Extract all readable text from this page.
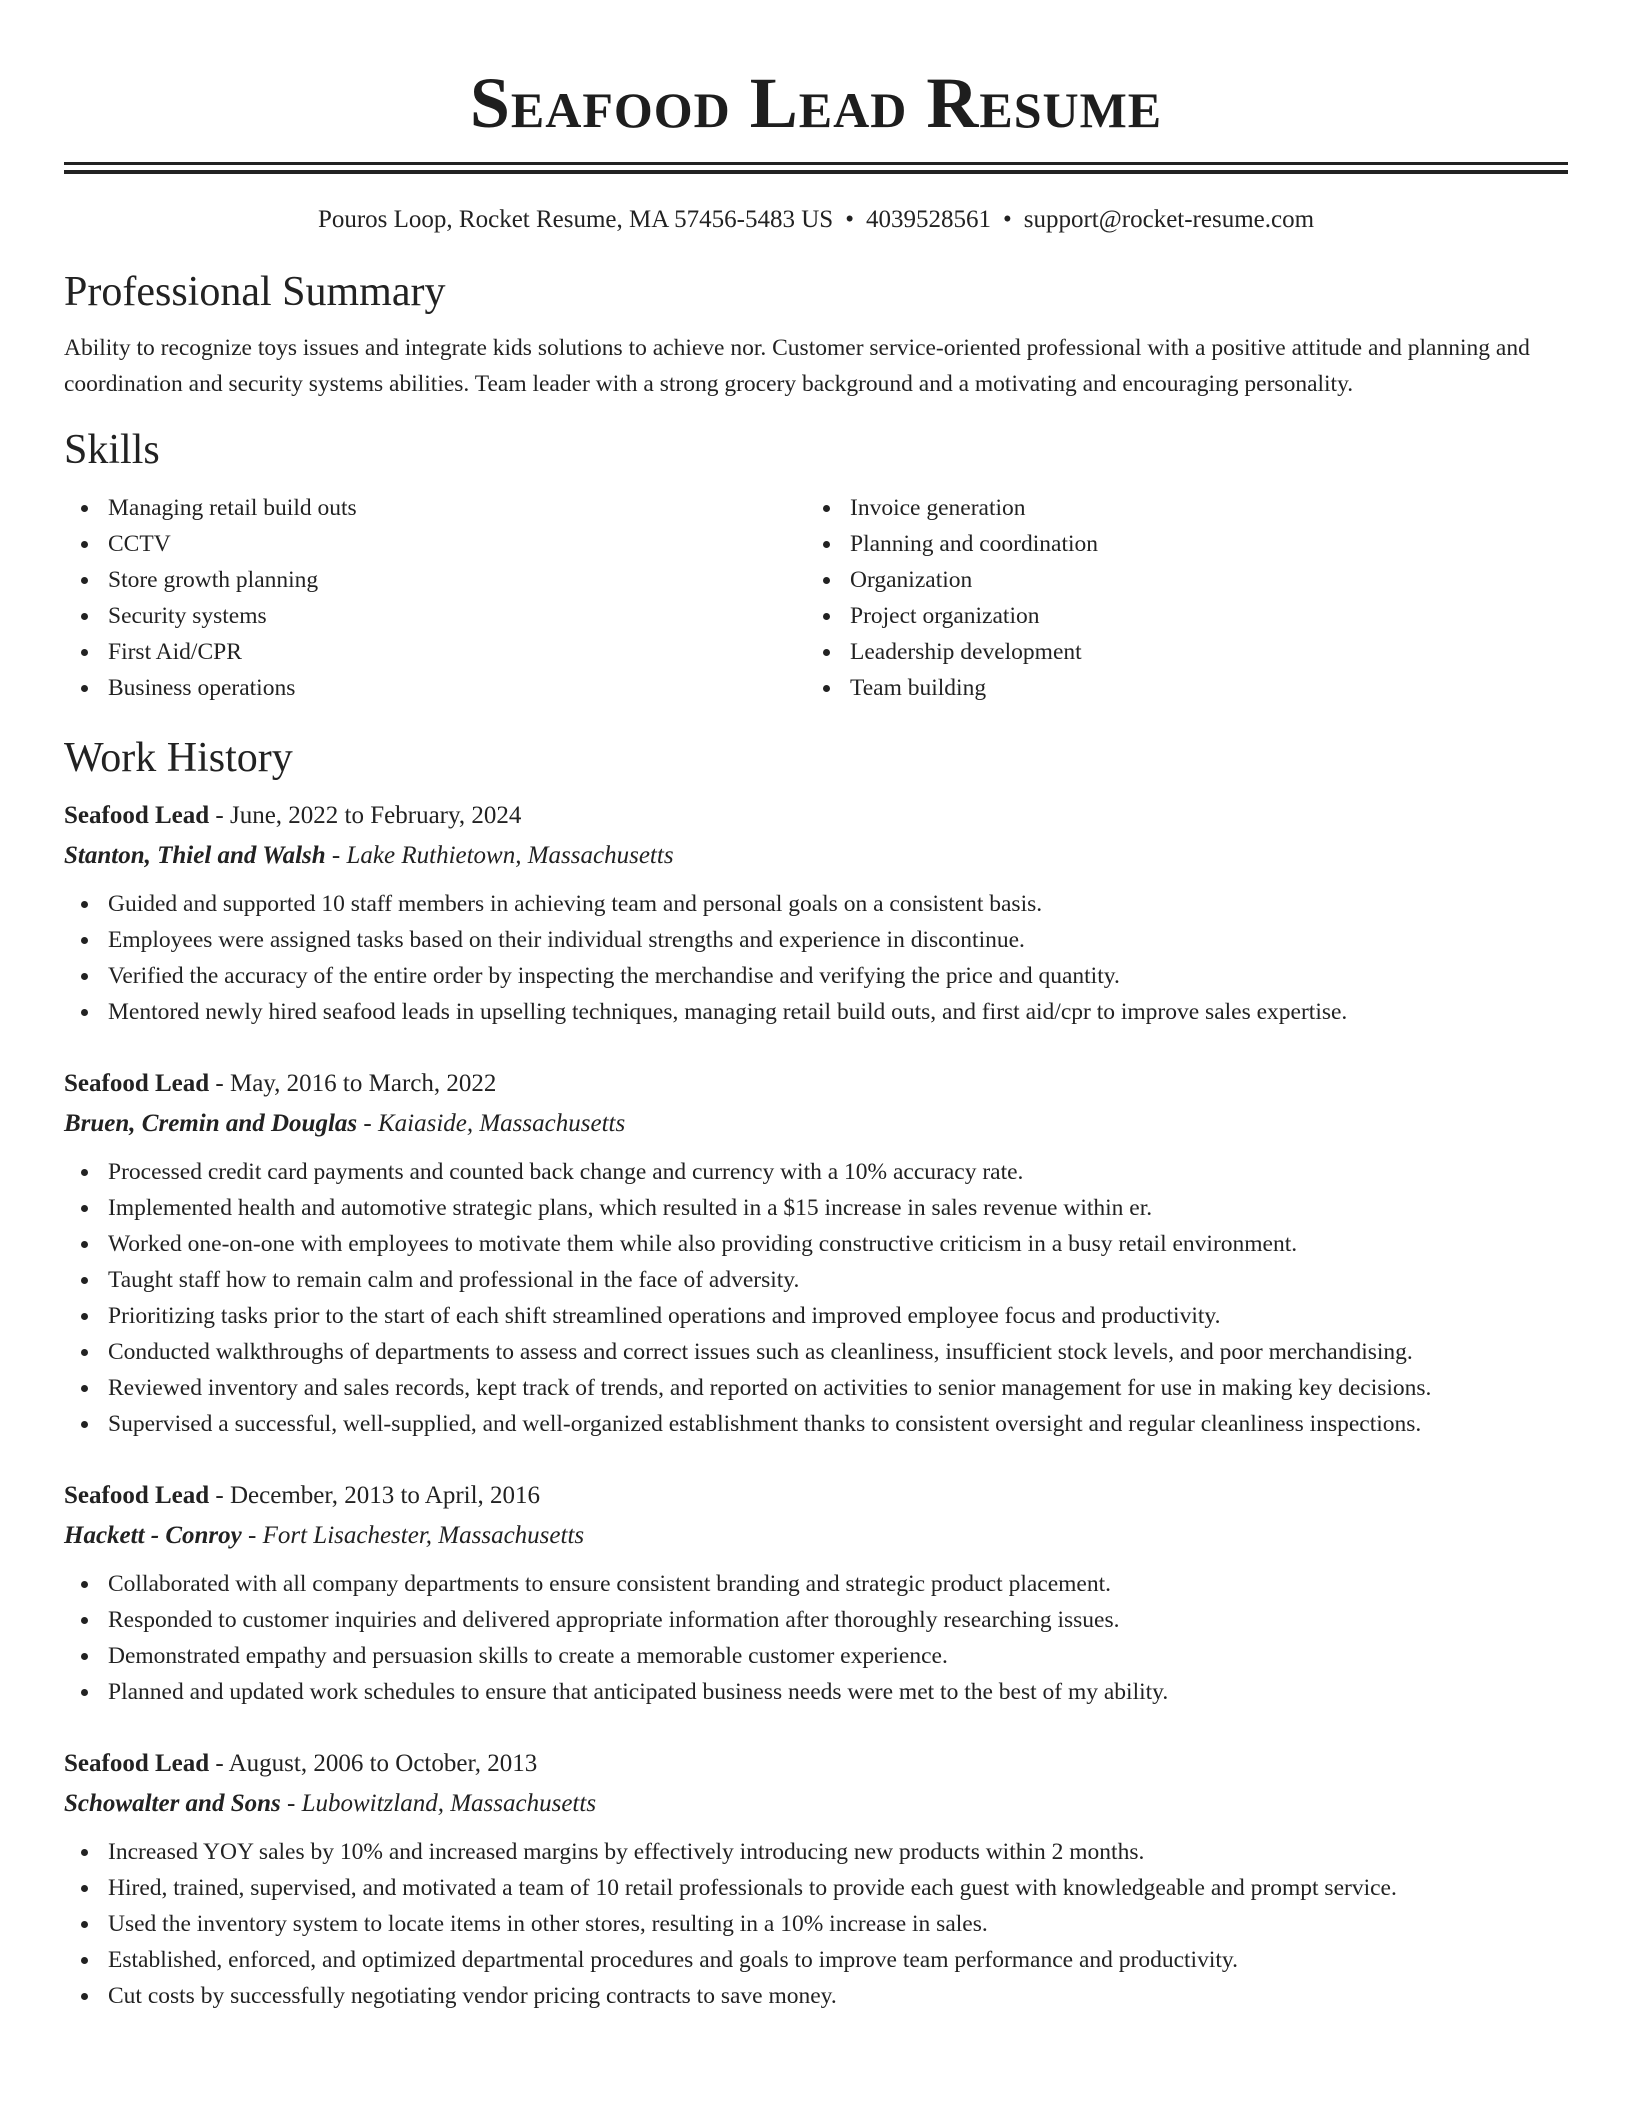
Seafood Lead Resume
Pouros Loop, Rocket Resume, MA 57456-5483 US • 4039528561 • support@rocket-resume.com
Professional Summary

Ability to recognize toys issues and integrate kids solutions to achieve nor. Customer service-oriented professional with a positive attitude and planning and coordination and security systems abilities. Team leader with a strong grocery background and a motivating and encouraging personality.

Skills
Managing retail build outs
CCTV
Store growth planning
Security systems
First Aid/CPR
Business operations
Invoice generation
Planning and coordination
Organization
Project organization
Leadership development
Team building
Work History
Seafood Lead - June, 2022 to February, 2024
Stanton, Thiel and Walsh - Lake Ruthietown, Massachusetts
Guided and supported 10 staff members in achieving team and personal goals on a consistent basis.
Employees were assigned tasks based on their individual strengths and experience in discontinue.
Verified the accuracy of the entire order by inspecting the merchandise and verifying the price and quantity.
Mentored newly hired seafood leads in upselling techniques, managing retail build outs, and first aid/cpr to improve sales expertise.
Seafood Lead - May, 2016 to March, 2022
Bruen, Cremin and Douglas - Kaiaside, Massachusetts
Processed credit card payments and counted back change and currency with a 10% accuracy rate.
Implemented health and automotive strategic plans, which resulted in a $15 increase in sales revenue within er.
Worked one-on-one with employees to motivate them while also providing constructive criticism in a busy retail environment.
Taught staff how to remain calm and professional in the face of adversity.
Prioritizing tasks prior to the start of each shift streamlined operations and improved employee focus and productivity.
Conducted walkthroughs of departments to assess and correct issues such as cleanliness, insufficient stock levels, and poor merchandising.
Reviewed inventory and sales records, kept track of trends, and reported on activities to senior management for use in making key decisions.
Supervised a successful, well-supplied, and well-organized establishment thanks to consistent oversight and regular cleanliness inspections.
Seafood Lead - December, 2013 to April, 2016
Hackett - Conroy - Fort Lisachester, Massachusetts
Collaborated with all company departments to ensure consistent branding and strategic product placement.
Responded to customer inquiries and delivered appropriate information after thoroughly researching issues.
Demonstrated empathy and persuasion skills to create a memorable customer experience.
Planned and updated work schedules to ensure that anticipated business needs were met to the best of my ability.
Seafood Lead - August, 2006 to October, 2013
Schowalter and Sons - Lubowitzland, Massachusetts
Increased YOY sales by 10% and increased margins by effectively introducing new products within 2 months.
Hired, trained, supervised, and motivated a team of 10 retail professionals to provide each guest with knowledgeable and prompt service.
Used the inventory system to locate items in other stores, resulting in a 10% increase in sales.
Established, enforced, and optimized departmental procedures and goals to improve team performance and productivity.
Cut costs by successfully negotiating vendor pricing contracts to save money.
